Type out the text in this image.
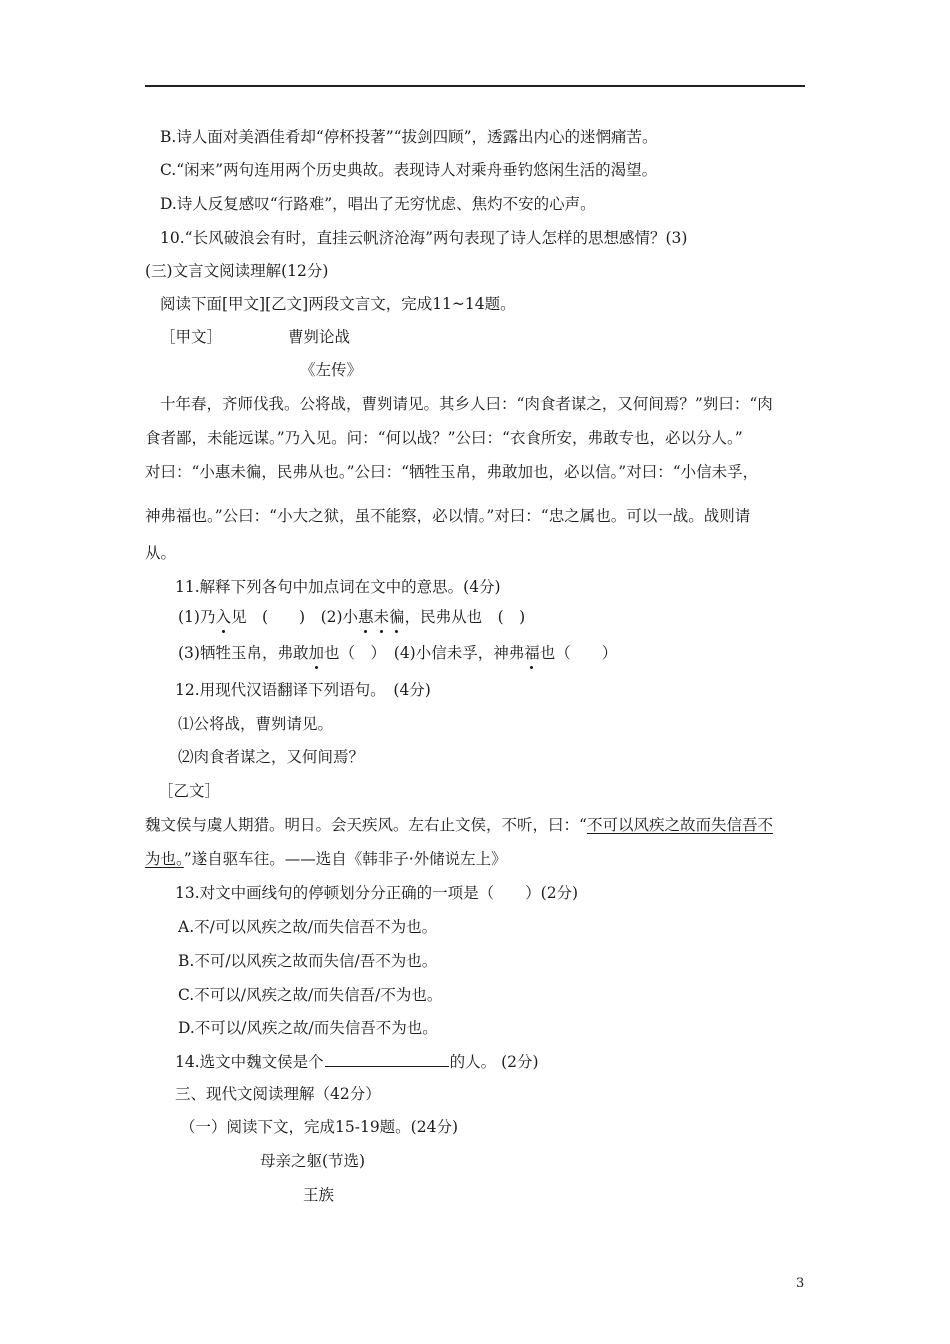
B.诗人面对美酒佳肴却“停杯投著”“拔剑四顾”，透露出内心的迷惘痛苦。
C.“闲来”两句连用两个历史典故。表现诗人对乘舟垂钓悠闲生活的渴望。
D.诗人反复感叹“行路难”，唱出了无穷忧虑、焦灼不安的心声。
10.“长风破浪会有时，直挂云帆济沧海”两句表现了诗人怎样的思想感情？(3)
(三)文言文阅读理解(12分)
阅读下面[甲文][乙文]两段文言文，完成11~14题。
［甲文］	曹刿论战
《左传》
十年春，齐师伐我。公将战，曹刿请见。其乡人曰：“肉食者谋之，又何间焉？”刿曰：“肉
食者鄙，未能远谋。”乃入见。问：“何以战？”公曰：“衣食所安，弗敢专也，必以分人。”
对曰：“小惠未徧，民弗从也。”公曰：“牺牲玉帛，弗敢加也，必以信。”对曰：“小信未孚，
神弗福也。”公曰：“小大之狱，虽不能察，必以情。”对曰：“忠之属也。可以一战。战则请
从。
11.解释下列各句中加点词在文中的意思。(4分)
(1)乃入见　(　　)　(2)小惠未徧，民弗从也　(　)
(3)牺牲玉帛，弗敢加也（　）　 (4)小信未孚，神弗福也（　　）
12.用现代汉语翻译下列语句。　(4分)
⑴公将战，曹刿请见。
⑵肉食者谋之，又何间焉？
［乙文］
魏文侯与虞人期猎。明日。会天疾风。左右止文侯，不听，曰：“不可以风疾之故而失信吾不
为也。”遂自驱车往。——选自《韩非子·外储说左上》
13.对文中画线句的停顿划分分正确的一项是（　　）(2分)
A.不/可以风疾之故/而失信吾不为也。
B.不可/以风疾之故而失信/吾不为也。
C.不可以/风疾之故/而失信吾/不为也。
D.不可以/风疾之故/而失信吾不为也。
14.选文中魏文侯是个	的人。 (2分)
三、现代文阅读理解（42分）
（一）阅读下文，完成15-19题。(24分)
母亲之躯(节选)
王族
3
